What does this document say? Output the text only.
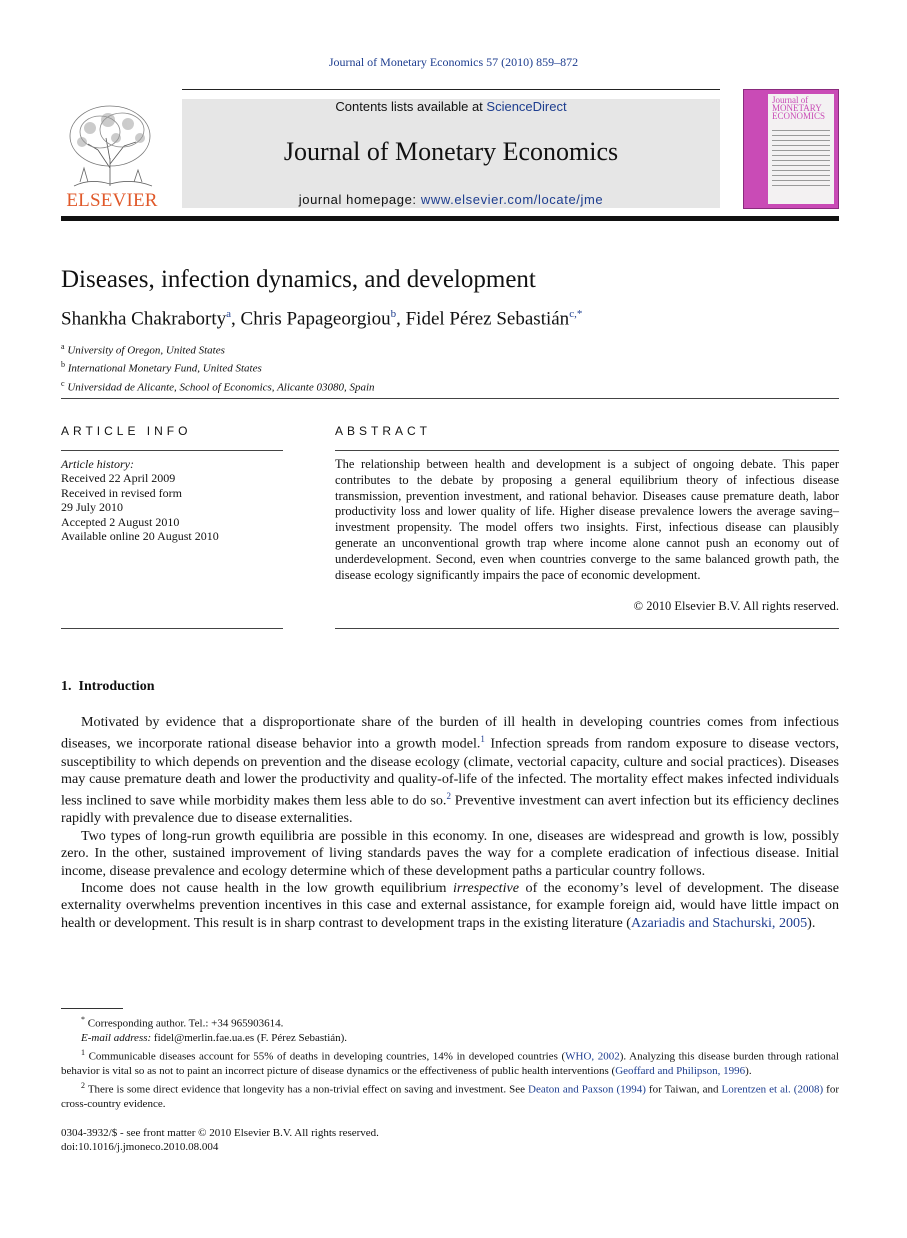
Journal of Monetary Economics 57 (2010) 859–872
ELSEVIER
Contents lists available at ScienceDirect
Journal of Monetary Economics
journal homepage: www.elsevier.com/locate/jme
Journal of MONETARY ECONOMICS
Diseases, infection dynamics, and development
Shankha Chakraborty$^a$, Chris Papageorgiou$^b$, Fidel Pérez Sebastián$^{c,*}$
$^a$ University of Oregon, United States
$^b$ International Monetary Fund, United States
$^c$ Universidad de Alicante, School of Economics, Alicante 03080, Spain
ARTICLE INFO	ABSTRACT
Article history:
Received 22 April 2009
Received in revised form
29 July 2010
Accepted 2 August 2010
Available online 20 August 2010
The relationship between health and development is a subject of ongoing debate. This paper contributes to the debate by proposing a general equilibrium theory of infectious disease transmission, prevention investment, and rational behavior. Diseases cause premature death, labor productivity loss and lower quality of life. Higher disease prevalence lowers the average saving–investment propensity. The model offers two insights. First, infectious disease can plausibly generate an unconventional growth trap where income alone cannot push an economy out of underdevelopment. Second, even when countries converge to the same balanced growth path, the disease ecology significantly impairs the pace of economic development.
© 2010 Elsevier B.V. All rights reserved.
1. Introduction

Motivated by evidence that a disproportionate share of the burden of ill health in developing countries comes from infectious diseases, we incorporate rational disease behavior into a growth model.$^1$ Infection spreads from random exposure to disease vectors, susceptibility to which depends on prevention and the disease ecology (climate, vectorial capacity, culture and social practices). Diseases may cause premature death and lower the productivity and quality-of-life of the infected. The mortality effect makes infected individuals less inclined to save while morbidity makes them less able to do so.$^2$ Preventive investment can avert infection but its efficiency declines rapidly with prevalence due to disease externalities.

Two types of long-run growth equilibria are possible in this economy. In one, diseases are widespread and growth is low, possibly zero. In the other, sustained improvement of living standards paves the way for a complete eradication of infectious disease. Initial income, disease prevalence and ecology determine which of these development paths a particular country follows.

Income does not cause health in the low growth equilibrium irrespective of the economy’s level of development. The disease externality overwhelms prevention incentives in this case and external assistance, for example foreign aid, would have little impact on health or development. This result is in sharp contrast to development traps in the existing literature (Azariadis and Stachurski, 2005).

* Corresponding author. Tel.: +34 965903614.

E-mail address: fidel@merlin.fae.ua.es (F. Pérez Sebastián).

$^1$ Communicable diseases account for 55% of deaths in developing countries, 14% in developed countries (WHO, 2002). Analyzing this disease burden through rational behavior is vital so as not to paint an incorrect picture of disease dynamics or the effectiveness of public health interventions (Geoffard and Philipson, 1996).

$^2$ There is some direct evidence that longevity has a non-trivial effect on saving and investment. See Deaton and Paxson (1994) for Taiwan, and Lorentzen et al. (2008) for cross-country evidence.

0304-3932/$ - see front matter © 2010 Elsevier B.V. All rights reserved.
doi:10.1016/j.jmoneco.2010.08.004
